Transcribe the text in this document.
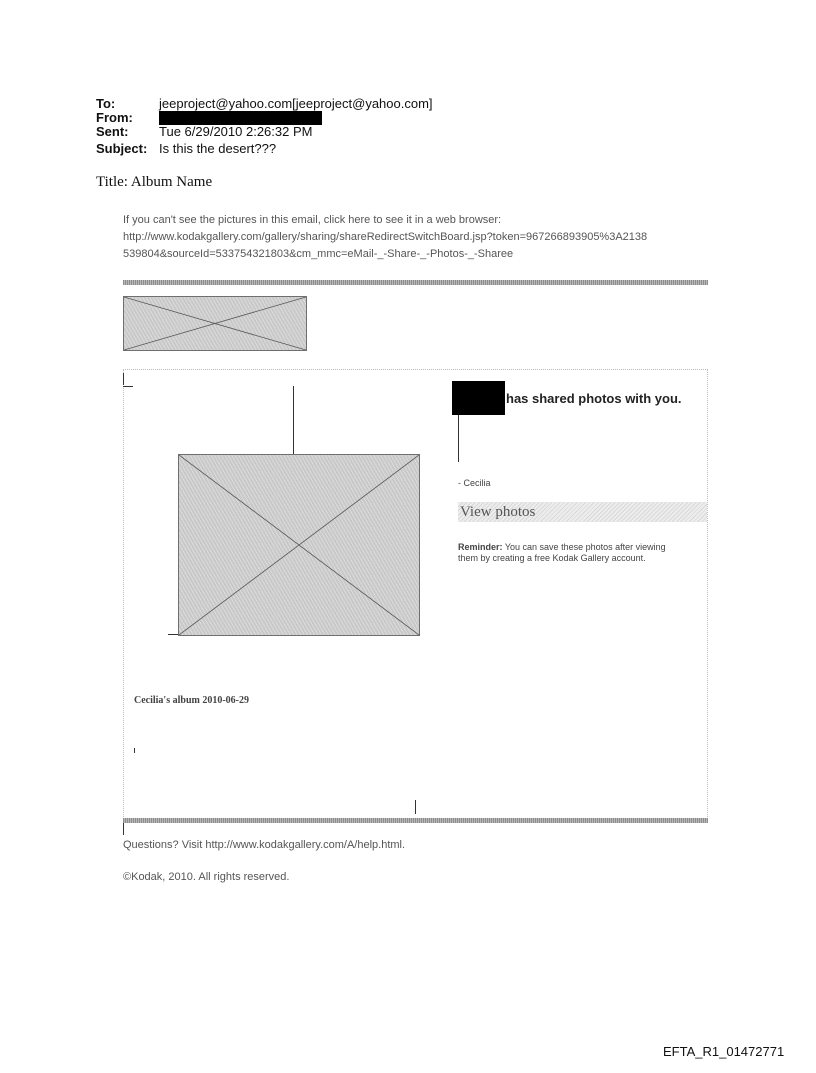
To:	jeeproject@yahoo.com[jeeproject@yahoo.com]
From:
Sent: Tue 6/29/2010 2:26:32 PM
Subject: Is this the desert???
Title: Album Name
If you can't see the pictures in this email, click here to see it in a web browser:
http://www.kodakgallery.com/gallery/sharing/shareRedirectSwitchBoard.jsp?token=967266893905%3A2138
539804&sourceId=533754321803&cm_mmc=eMail-_-Share-_-Photos-_-Sharee
has shared photos with you.
- Cecilia
View photos
Reminder: You can save these photos after viewing
them by creating a free Kodak Gallery account.
Cecilia's album 2010-06-29
Questions? Visit http://www.kodakgallery.com/A/help.html.
©Kodak, 2010. All rights reserved.
EFTA_R1_01472771
